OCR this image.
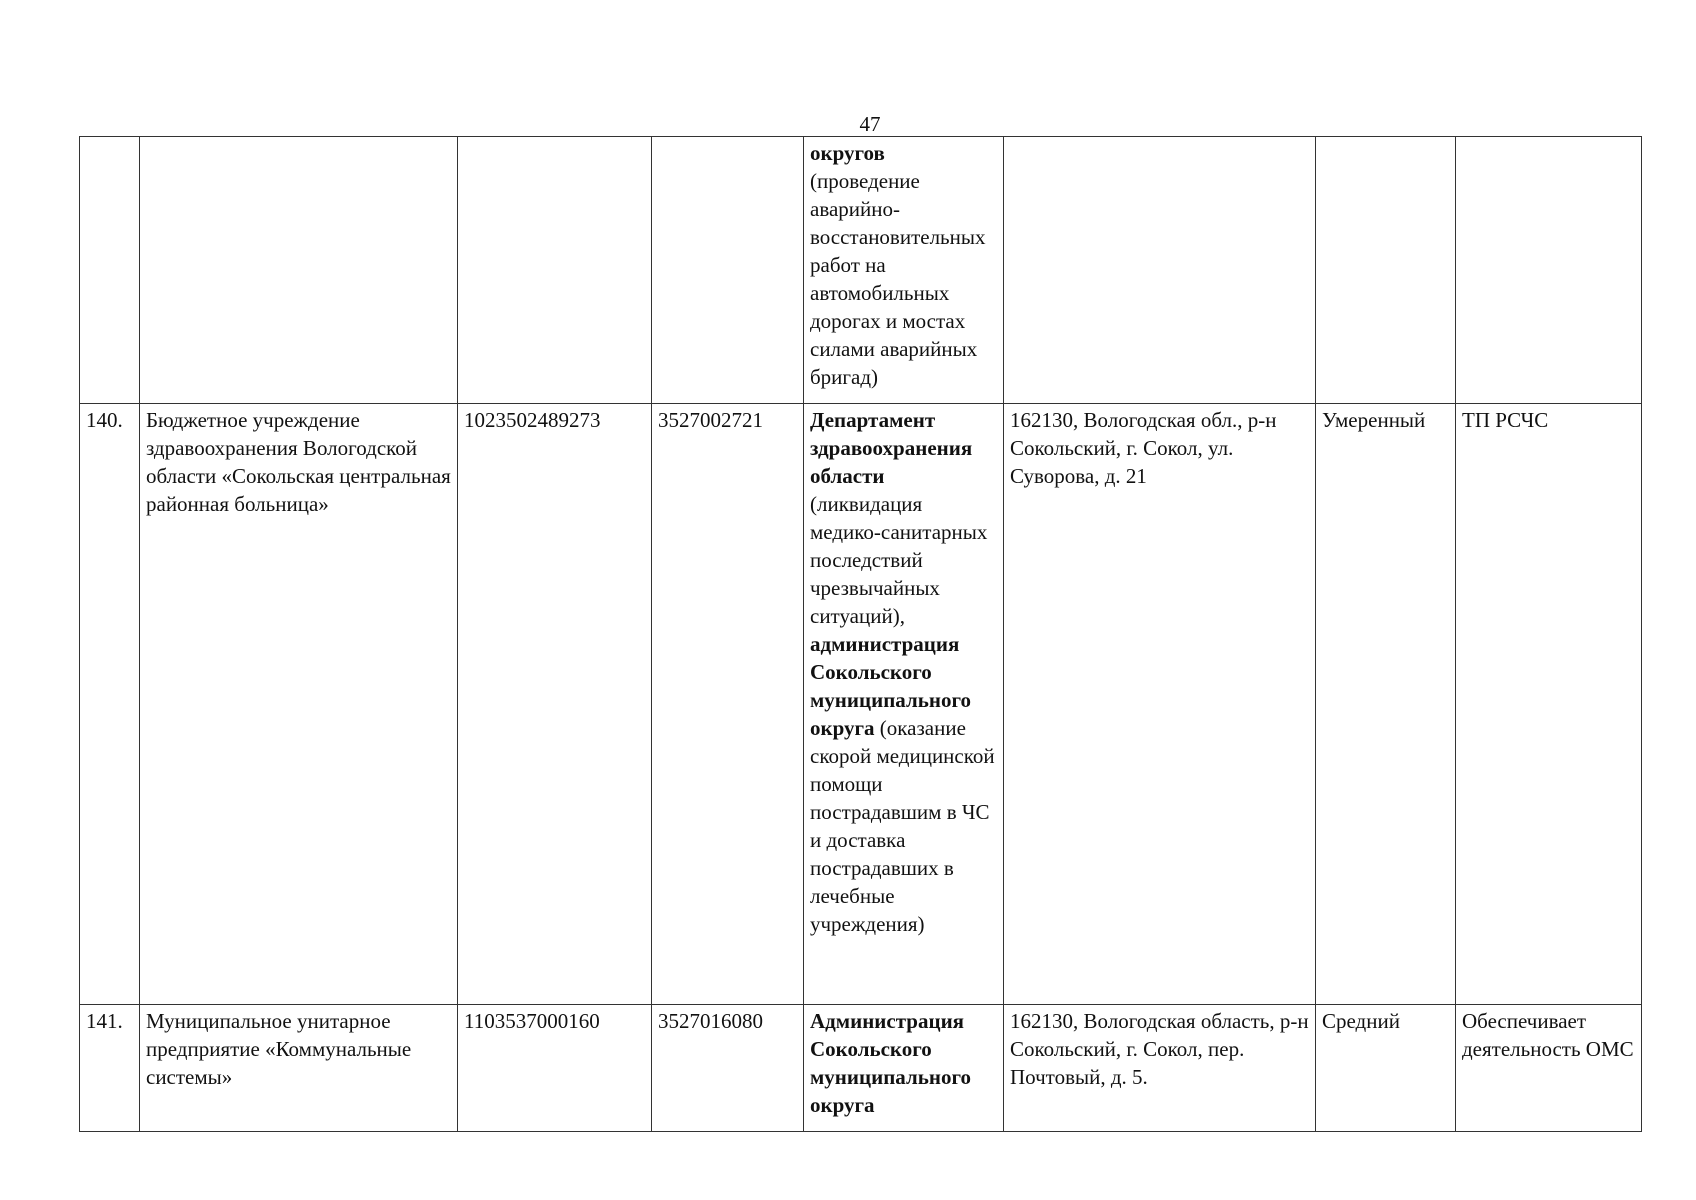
47
				округов (проведение аварийно-восстановительных работ на автомобильных дорогах и мостах силами аварийных бригад)			
140.	Бюджетное учреждение здравоохранения Вологодской области «Сокольская центральная районная больница»	1023502489273	3527002721	Департамент здравоохранения области (ликвидация медико-санитарных последствий чрезвычайных ситуаций), администрация Сокольского муниципального округа (оказание скорой медицинской помощи пострадавшим в ЧС и доставка пострадавших в лечебные учреждения)	162130, Вологодская обл., р-н Сокольский, г. Сокол, ул. Суворова, д. 21	Умеренный	ТП РСЧС
141.	Муниципальное унитарное предприятие «Коммунальные системы»	1103537000160	3527016080	Администрация Сокольского муниципального округа	162130, Вологодская область, р-н Сокольский, г. Сокол, пер. Почтовый, д. 5.	Средний	Обеспечивает деятельность ОМС
